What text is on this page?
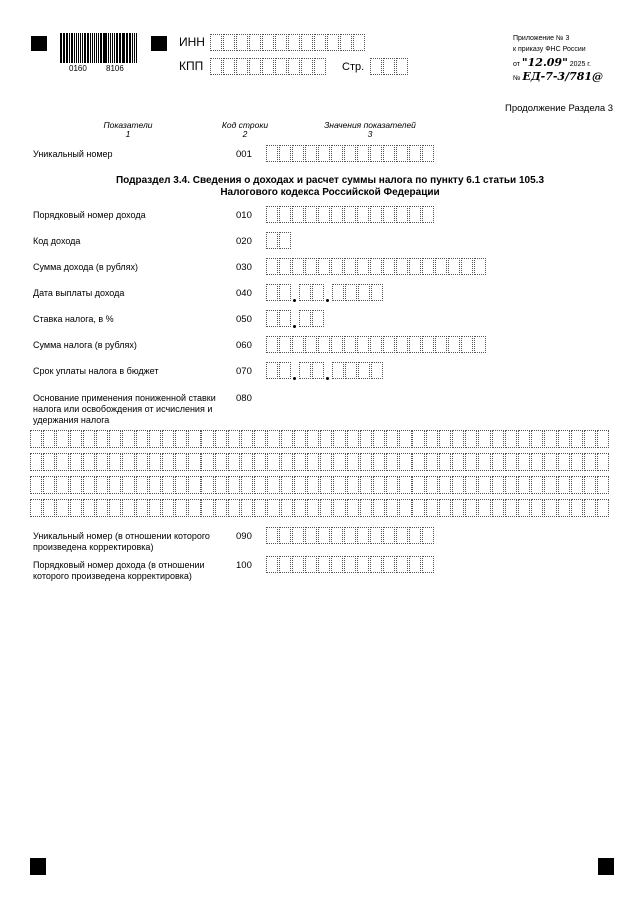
0160 8106
ИНН
КПП	Стр.
Приложение № 3
к приказу ФНС России
от "12.09" 2025 г.
№ ЕД-7-3/781@
Продолжение Раздела 3
Показатели
1
Код строки
2
Значения показателей
3
Уникальный номер	001
Подраздел 3.4. Сведения о доходах и расчет суммы налога по пункту 6.1 статьи 105.3
Налогового кодекса Российской Федерации
Порядковый номер дохода	010
Код дохода	020
Сумма дохода (в рублях)	030
Дата выплаты дохода	040
Ставка налога, в %	050
Сумма налога (в рублях)	060
Срок уплаты налога в бюджет	070
Основание применения пониженной ставки
налога или освобождения от исчисления и
удержания налога
080
Уникальный номер (в отношении которого
произведена корректировка)
090
Порядковый номер дохода (в отношении
которого произведена корректировка)
100
